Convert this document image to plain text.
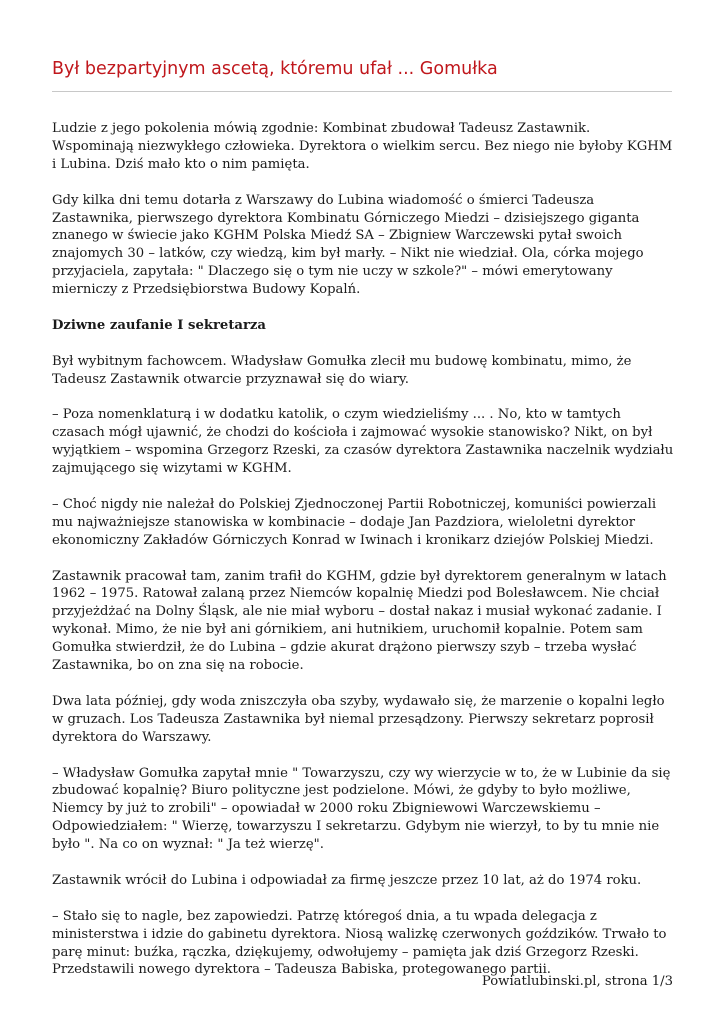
Był bezpartyjnym ascetą, któremu ufał ... Gomułka

Ludzie z jego pokolenia mówią zgodnie: Kombinat zbudował Tadeusz Zastawnik. Wspominają niezwykłego człowieka. Dyrektora o wielkim sercu. Bez niego nie byłoby KGHM i Lubina. Dziś mało kto o nim pamięta.

Gdy kilka dni temu dotarła z Warszawy do Lubina wiadomość o śmierci Tadeusza Zastawnika, pierwszego dyrektora Kombinatu Górniczego Miedzi – dzisiejszego giganta znanego w świecie jako KGHM Polska Miedź SA – Zbigniew Warczewski pytał swoich znajomych 30 – latków, czy wiedzą, kim był marły. – Nikt nie wiedział. Ola, córka mojego przyjaciela, zapytała: " Dlaczego się o tym nie uczy w szkole?" – mówi emerytowany mierniczy z Przedsiębiorstwa Budowy Kopalń.

Dziwne zaufanie I sekretarza

Był wybitnym fachowcem. Władysław Gomułka zlecił mu budowę kombinatu, mimo, że Tadeusz Zastawnik otwarcie przyznawał się do wiary.

– Poza nomenklaturą i w dodatku katolik, o czym wiedzieliśmy ... . No, kto w tamtych czasach mógł ujawnić, że chodzi do kościoła i zajmować wysokie stanowisko? Nikt, on był wyjątkiem – wspomina Grzegorz Rzeski, za czasów dyrektora Zastawnika naczelnik wydziału zajmującego się wizytami w KGHM.

– Choć nigdy nie należał do Polskiej Zjednoczonej Partii Robotniczej, komuniści powierzali mu najważniejsze stanowiska w kombinacie – dodaje Jan Pazdziora, wieloletni dyrektor ekonomiczny Zakładów Górniczych Konrad w Iwinach i kronikarz dziejów Polskiej Miedzi.

Zastawnik pracował tam, zanim trafił do KGHM, gdzie był dyrektorem generalnym w latach 1962 – 1975. Ratował zalaną przez Niemców kopalnię Miedzi pod Bolesławcem. Nie chciał przyjeżdżać na Dolny Śląsk, ale nie miał wyboru – dostał nakaz i musiał wykonać zadanie. I wykonał. Mimo, że nie był ani górnikiem, ani hutnikiem, uruchomił kopalnie. Potem sam Gomułka stwierdził, że do Lubina – gdzie akurat drążono pierwszy szyb – trzeba wysłać Zastawnika, bo on zna się na robocie.

Dwa lata później, gdy woda zniszczyła oba szyby, wydawało się, że marzenie o kopalni legło w gruzach. Los Tadeusza Zastawnika był niemal przesądzony. Pierwszy sekretarz poprosił dyrektora do Warszawy.

– Władysław Gomułka zapytał mnie " Towarzyszu, czy wy wierzycie w to, że w Lubinie da się zbudować kopalnię? Biuro polityczne jest podzielone. Mówi, że gdyby to było możliwe, Niemcy by już to zrobili" – opowiadał w 2000 roku Zbigniewowi Warczewskiemu – Odpowiedziałem: " Wierzę, towarzyszu I sekretarzu. Gdybym nie wierzył, to by tu mnie nie było ". Na co on wyznał: " Ja też wierzę".

Zastawnik wrócił do Lubina i odpowiadał za firmę jeszcze przez 10 lat, aż do 1974 roku.

– Stało się to nagle, bez zapowiedzi. Patrzę któregoś dnia, a tu wpada delegacja z ministerstwa i idzie do gabinetu dyrektora. Niosą walizkę czerwonych goździków. Trwało to parę minut: buźka, rączka, dziękujemy, odwołujemy – pamięta jak dziś Grzegorz Rzeski. Przedstawili nowego dyrektora – Tadeusza Babiska, protegowanego partii.

Powiatlubinski.pl, strona 1/3
